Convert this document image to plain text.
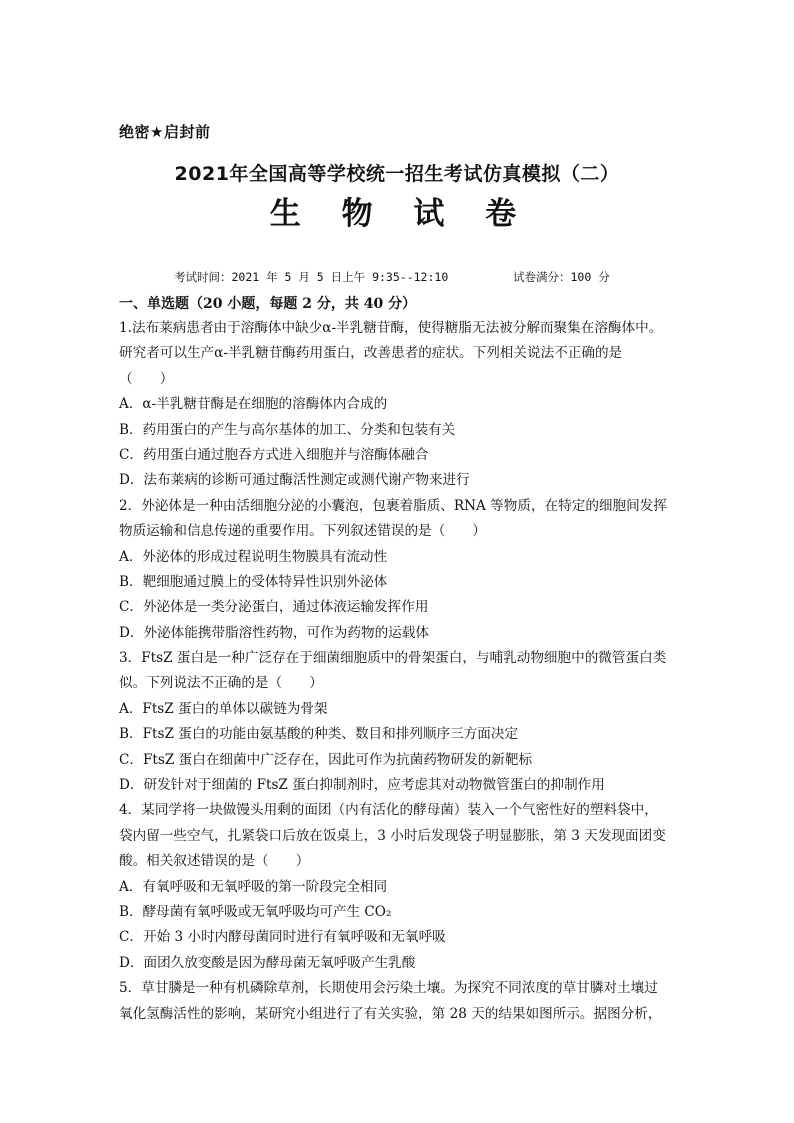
绝密★启封前
2021年全国高等学校统一招生考试仿真模拟（二）
生 物 试 卷
考试时间：2021 年 5 月 5 日上午 9:35--12:10	试卷满分：100 分
一、单选题（20 小题，每题 2 分，共 40 分）
1.法布莱病患者由于溶酶体中缺少α-半乳糖苷酶，使得糖脂无法被分解而聚集在溶酶体中。
研究者可以生产α-半乳糖苷酶药用蛋白，改善患者的症状。下列相关说法不正确的是
（　　）
A．α-半乳糖苷酶是在细胞的溶酶体内合成的
B．药用蛋白的产生与高尔基体的加工、分类和包装有关
C．药用蛋白通过胞吞方式进入细胞并与溶酶体融合
D．法布莱病的诊断可通过酶活性测定或测代谢产物来进行
2．外泌体是一种由活细胞分泌的小囊泡，包裹着脂质、RNA 等物质，在特定的细胞间发挥
物质运输和信息传递的重要作用。下列叙述错误的是（　　）
A．外泌体的形成过程说明生物膜具有流动性
B．靶细胞通过膜上的受体特异性识别外泌体
C．外泌体是一类分泌蛋白，通过体液运输发挥作用
D．外泌体能携带脂溶性药物，可作为药物的运载体
3．FtsZ 蛋白是一种广泛存在于细菌细胞质中的骨架蛋白，与哺乳动物细胞中的微管蛋白类
似。下列说法不正确的是（　　）
A．FtsZ 蛋白的单体以碳链为骨架
B．FtsZ 蛋白的功能由氨基酸的种类、数目和排列顺序三方面决定
C．FtsZ 蛋白在细菌中广泛存在，因此可作为抗菌药物研发的新靶标
D．研发针对于细菌的 FtsZ 蛋白抑制剂时，应考虑其对动物微管蛋白的抑制作用
4．某同学将一块做馒头用剩的面团（内有活化的酵母菌）装入一个气密性好的塑料袋中，
袋内留一些空气，扎紧袋口后放在饭桌上，3 小时后发现袋子明显膨胀，第 3 天发现面团变
酸。相关叙述错误的是（　　）
A．有氧呼吸和无氧呼吸的第一阶段完全相同
B．酵母菌有氧呼吸或无氧呼吸均可产生 CO₂
C．开始 3 小时内酵母菌同时进行有氧呼吸和无氧呼吸
D．面团久放变酸是因为酵母菌无氧呼吸产生乳酸
5．草甘膦是一种有机磷除草剂，长期使用会污染土壤。为探究不同浓度的草甘膦对土壤过
氧化氢酶活性的影响，某研究小组进行了有关实验，第 28 天的结果如图所示。据图分析，
